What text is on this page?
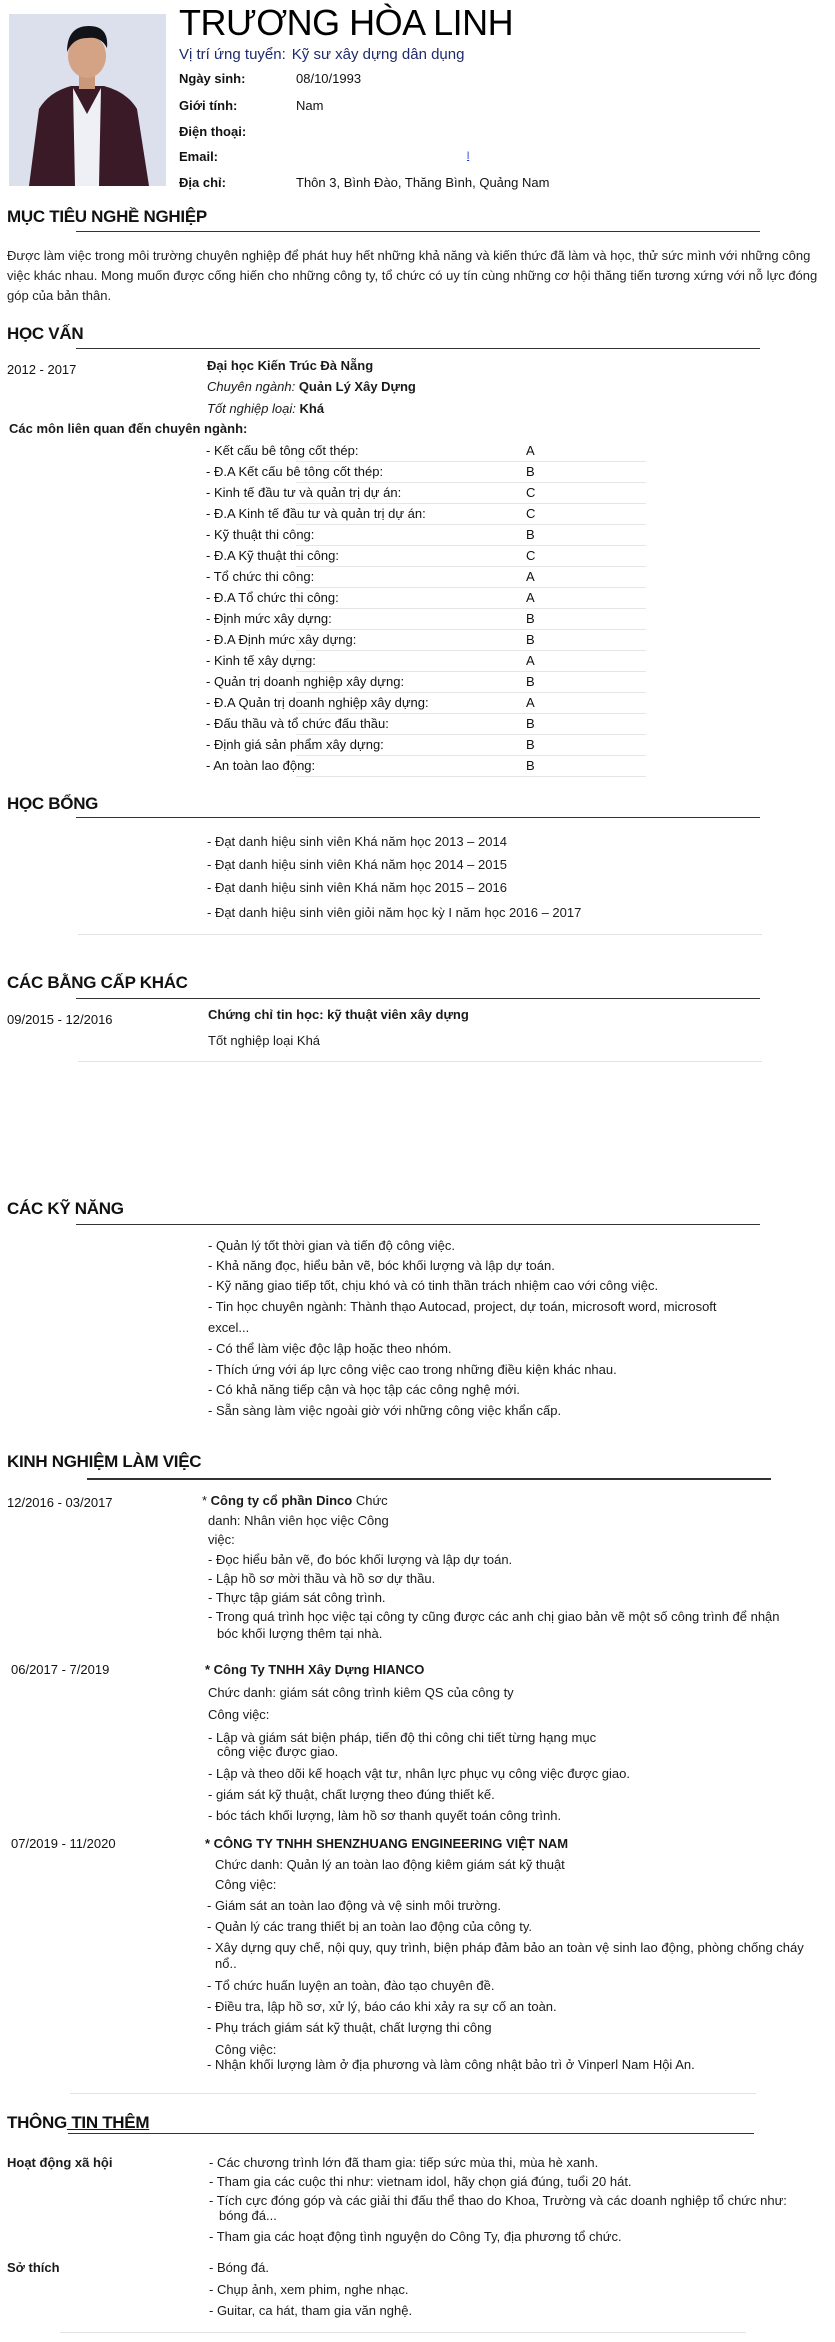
TRƯƠNG HÒA LINH
Vị trí ứng tuyển: Kỹ sư xây dựng dân dụng
Ngày sinh:	08/10/1993
Giới tính:	Nam
Điện thoại:
Email:	l
Địa chỉ:	Thôn 3, Bình Đào, Thăng Bình, Quảng Nam
MỤC TIÊU NGHỀ NGHIỆP
Được làm việc trong môi trường chuyên nghiệp để phát huy hết những khả năng và kiến thức đã làm và học, thử sức mình với những công việc khác nhau. Mong muốn được cống hiến cho những công ty, tổ chức có uy tín cùng những cơ hội thăng tiến tương xứng với nỗ lực đóng góp của bản thân.
HỌC VẤN
2012 - 2017	Đại học Kiến Trúc Đà Nẵng
Chuyên ngành: Quản Lý Xây Dựng
Tốt nghiệp loại: Khá
Các môn liên quan đến chuyên ngành:
- Kết cấu bê tông cốt thép:	A
- Đ.A Kết cấu bê tông cốt thép:	B
- Kinh tế đầu tư và quản trị dự án:	C
- Đ.A Kinh tế đầu tư và quản trị dự án:	C
- Kỹ thuật thi công:	B
- Đ.A Kỹ thuật thi công:	C
- Tổ chức thi công:	A
- Đ.A Tổ chức thi công:	A
- Định mức xây dựng:	B
- Đ.A Định mức xây dựng:	B
- Kinh tế xây dựng:	A
- Quản trị doanh nghiệp xây dựng:	B
- Đ.A Quản trị doanh nghiệp xây dựng:	A
- Đấu thầu và tổ chức đấu thầu:	B
- Định giá sản phẩm xây dựng:	B
- An toàn lao động:	B
HỌC BỔNG
- Đạt danh hiệu sinh viên Khá năm học 2013 – 2014
- Đạt danh hiệu sinh viên Khá năm học 2014 – 2015
- Đạt danh hiệu sinh viên Khá năm học 2015 – 2016
- Đạt danh hiệu sinh viên giỏi năm học kỳ I năm học 2016 – 2017
CÁC BẰNG CẤP KHÁC
09/2015 - 12/2016	Chứng chỉ tin học: kỹ thuật viên xây dựng
Tốt nghiệp loại Khá
CÁC KỸ NĂNG
- Quản lý tốt thời gian và tiến độ công việc.
- Khả năng đọc, hiểu bản vẽ, bóc khối lượng và lập dự toán.
- Kỹ năng giao tiếp tốt, chịu khó và có tinh thần trách nhiệm cao với công việc.
- Tin học chuyên ngành: Thành thạo Autocad, project, dự toán, microsoft word, microsoft
excel...
- Có thể làm việc độc lập hoặc theo nhóm.
- Thích ứng với áp lực công việc cao trong những điều kiện khác nhau.
- Có khả năng tiếp cận và học tập các công nghệ mới.
- Sẵn sàng làm việc ngoài giờ với những công việc khẩn cấp.
KINH NGHIỆM LÀM VIỆC
12/2016 - 03/2017	* Công ty cổ phần Dinco Chức
danh: Nhân viên học việc Công
việc:
- Đọc hiểu bản vẽ, đo bóc khối lượng và lập dự toán.
- Lập hồ sơ mời thầu và hồ sơ dự thầu.
- Thực tập giám sát công trình.
- Trong quá trình học việc tại công ty cũng được các anh chị giao bản vẽ một số công trình để nhận
bóc khối lượng thêm tại nhà.
06/2017 - 7/2019	* Công Ty TNHH Xây Dựng HIANCO
Chức danh: giám sát công trình kiêm QS của công ty
Công việc:
- Lập và giám sát biện pháp, tiến độ thi công chi tiết từng hạng mục
công việc được giao.
- Lập và theo dõi kế hoạch vật tư, nhân lực phục vụ công việc được giao.
- giám sát kỹ thuật, chất lượng theo đúng thiết kế.
- bóc tách khối lượng, làm hồ sơ thanh quyết toán công trình.
07/2019 - 11/2020	* CÔNG TY TNHH SHENZHUANG ENGINEERING VIỆT NAM
Chức danh: Quản lý an toàn lao động kiêm giám sát kỹ thuật
Công việc:
- Giám sát an toàn lao động và vệ sinh môi trường.
- Quản lý các trang thiết bị an toàn lao động của công ty.
- Xây dựng quy chế, nội quy, quy trình, biện pháp đảm bảo an toàn vệ sinh lao động, phòng chống cháy
nổ..
- Tổ chức huấn luyện an toàn, đào tạo chuyên đề.
- Điều tra, lập hồ sơ, xử lý, báo cáo khi xảy ra sự cố an toàn.
- Phụ trách giám sát kỹ thuật, chất lượng thi công
Công việc:
- Nhận khối lượng làm ở địa phương và làm công nhật bảo trì ở Vinperl Nam Hội An.
THÔNG TIN THÊM
Hoạt động xã hội	- Các chương trình lớn đã tham gia: tiếp sức mùa thi, mùa hè xanh.
- Tham gia các cuộc thi như: vietnam idol, hãy chọn giá đúng, tuổi 20 hát.
- Tích cực đóng góp và các giải thi đấu thể thao do Khoa, Trường và các doanh nghiệp tổ chức như:
bóng đá...
- Tham gia các hoạt động tình nguyện do Công Ty, địa phương tổ chức.
Sở thích	- Bóng đá.
- Chụp ảnh, xem phim, nghe nhạc.
- Guitar, ca hát, tham gia văn nghệ.
